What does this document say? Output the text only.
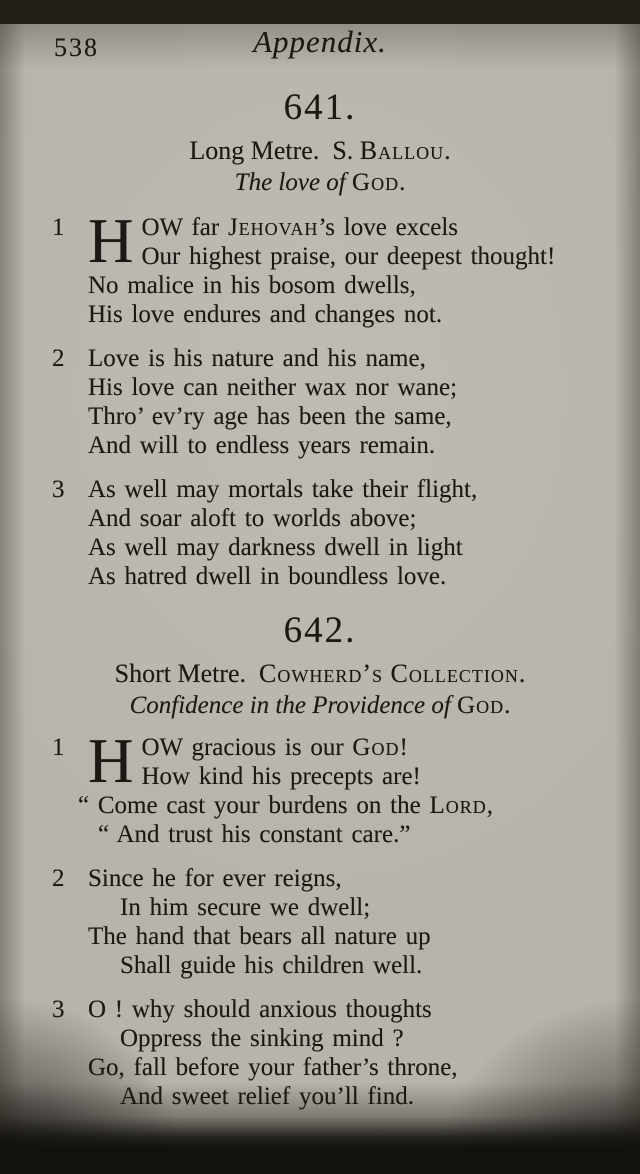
538	Appendix.
641.
Long Metre. S. Ballou.
The love of God.
1 H OW far Jehovah’s love excels
Our highest praise, our deepest thought!
No malice in his bosom dwells,
His love endures and changes not.
2 Love is his nature and his name,
His love can neither wax nor wane;
Thro’ ev’ry age has been the same,
And will to endless years remain.
3 As well may mortals take their flight,
And soar aloft to worlds above;
As well may darkness dwell in light
As hatred dwell in boundless love.
642.
Short Metre. Cowherd’s Collection.
Confidence in the Providence of God.
1 H OW gracious is our God!
How kind his precepts are!
“ Come cast your burdens on the Lord,
“ And trust his constant care.”
2 Since he for ever reigns,
In him secure we dwell;
The hand that bears all nature up
Shall guide his children well.
3 O ! why should anxious thoughts
Oppress the sinking mind ?
Go, fall before your father’s throne,
And sweet relief you’ll find.
